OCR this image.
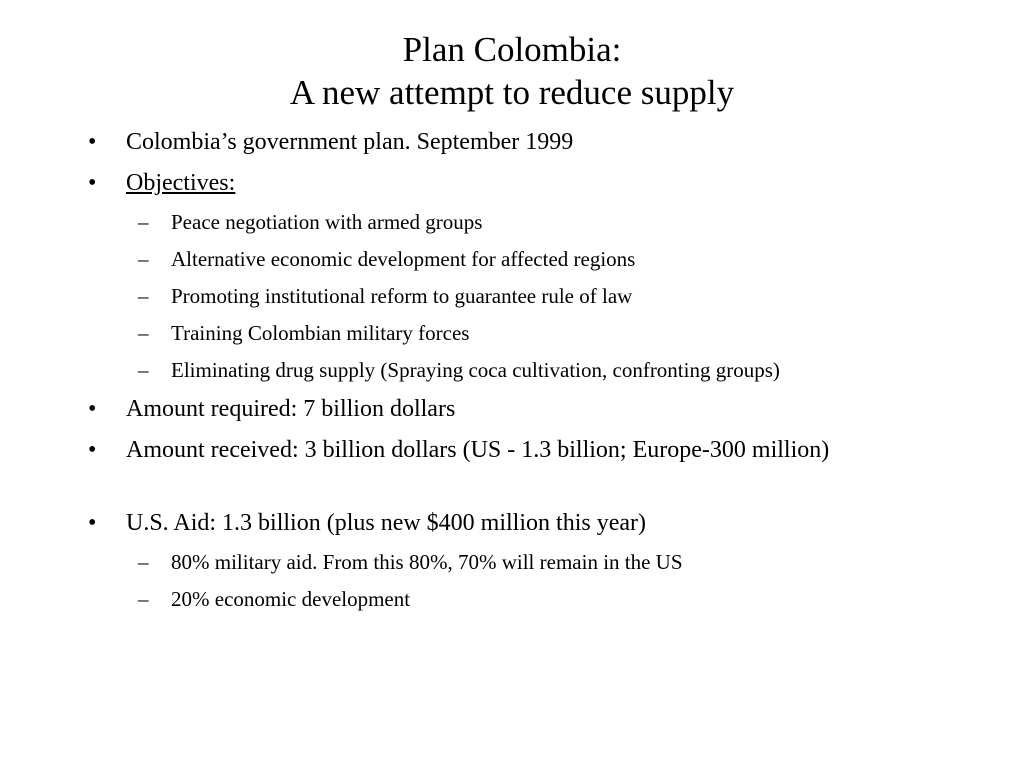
Plan Colombia:
A new attempt to reduce supply
• Colombia’s government plan. September 1999
• Objectives:
– Peace negotiation with armed groups
– Alternative economic development for affected regions
– Promoting institutional reform to guarantee rule of law
– Training Colombian military forces
– Eliminating drug supply (Spraying coca cultivation, confronting groups)
• Amount required: 7 billion dollars
• Amount received: 3 billion dollars (US - 1.3 billion; Europe-300 million)
• U.S. Aid: 1.3 billion (plus new $400 million this year)
– 80% military aid. From this 80%, 70% will remain in the US
– 20% economic development
